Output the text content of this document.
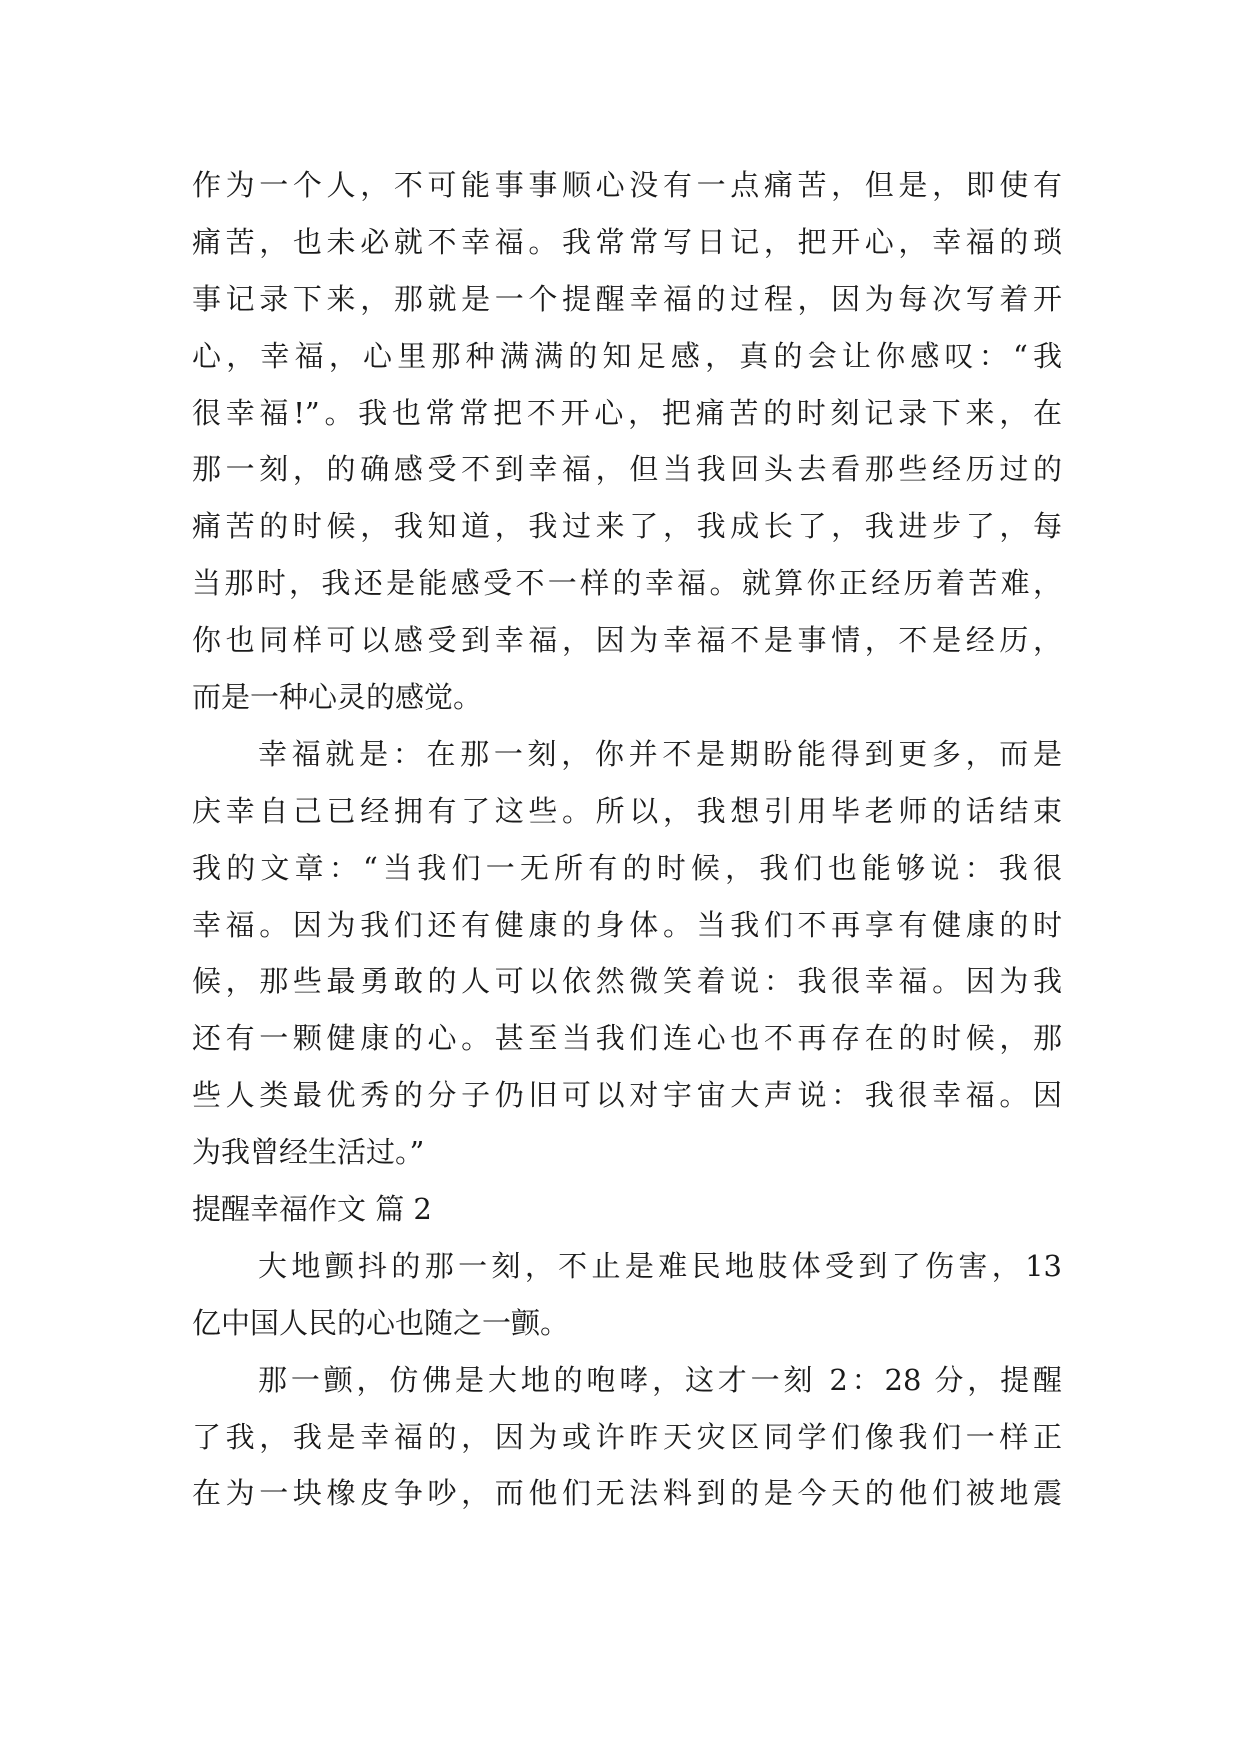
作为一个人，不可能事事顺心没有一点痛苦，但是，即使有
痛苦，也未必就不幸福。我常常写日记，把开心，幸福的琐
事记录下来，那就是一个提醒幸福的过程，因为每次写着开
心，幸福，心里那种满满的知足感，真的会让你感叹：“我
很幸福!”。我也常常把不开心，把痛苦的时刻记录下来，在
那一刻，的确感受不到幸福，但当我回头去看那些经历过的
痛苦的时候，我知道，我过来了，我成长了，我进步了，每
当那时，我还是能感受不一样的幸福。就算你正经历着苦难，
你也同样可以感受到幸福，因为幸福不是事情，不是经历，
而是一种心灵的感觉。
幸福就是：在那一刻，你并不是期盼能得到更多，而是
庆幸自己已经拥有了这些。所以，我想引用毕老师的话结束
我的文章：“当我们一无所有的时候，我们也能够说：我很
幸福。因为我们还有健康的身体。当我们不再享有健康的时
候，那些最勇敢的人可以依然微笑着说：我很幸福。因为我
还有一颗健康的心。甚至当我们连心也不再存在的时候，那
些人类最优秀的分子仍旧可以对宇宙大声说：我很幸福。因
为我曾经生活过。”
提醒幸福作文 篇 2
大地颤抖的那一刻，不止是难民地肢体受到了伤害，13
亿中国人民的心也随之一颤。
那一颤，仿佛是大地的咆哮，这才一刻 2：28 分，提醒
了我，我是幸福的，因为或许昨天灾区同学们像我们一样正
在为一块橡皮争吵，而他们无法料到的是今天的他们被地震
